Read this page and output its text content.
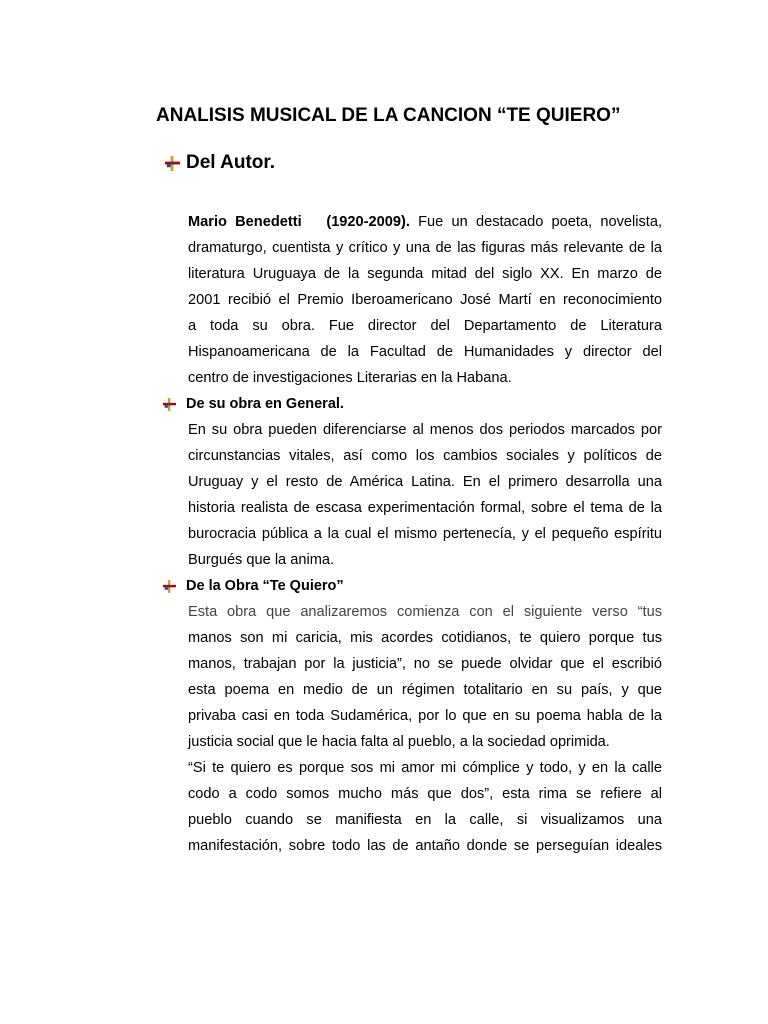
ANALISIS MUSICAL DE LA CANCION “TE QUIERO”
Del Autor.
Mario Benedetti (1920-2009). Fue un destacado poeta, novelista,
dramaturgo, cuentista y crítico y una de las figuras más relevante de la
literatura Uruguaya de la segunda mitad del siglo XX. En marzo de
2001 recibió el Premio Iberoamericano José Martí en reconocimiento
a toda su obra. Fue director del Departamento de Literatura
Hispanoamericana de la Facultad de Humanidades y director del
centro de investigaciones Literarias en la Habana.
De su obra en General.
En su obra pueden diferenciarse al menos dos periodos marcados por
circunstancias vitales, así como los cambios sociales y políticos de
Uruguay y el resto de América Latina. En el primero desarrolla una
historia realista de escasa experimentación formal, sobre el tema de la
burocracia pública a la cual el mismo pertenecía, y el pequeño espíritu
Burgués que la anima.
De la Obra “Te Quiero”
Esta obra que analizaremos comienza con el siguiente verso “tus
manos son mi caricia, mis acordes cotidianos, te quiero porque tus
manos, trabajan por la justicia”, no se puede olvidar que el escribió
esta poema en medio de un régimen totalitario en su país, y que
privaba casi en toda Sudamérica, por lo que en su poema habla de la
justicia social que le hacia falta al pueblo, a la sociedad oprimida.
“Si te quiero es porque sos mi amor mi cómplice y todo, y en la calle
codo a codo somos mucho más que dos”, esta rima se refiere al
pueblo cuando se manifiesta en la calle, si visualizamos una
manifestación, sobre todo las de antaño donde se perseguían ideales
